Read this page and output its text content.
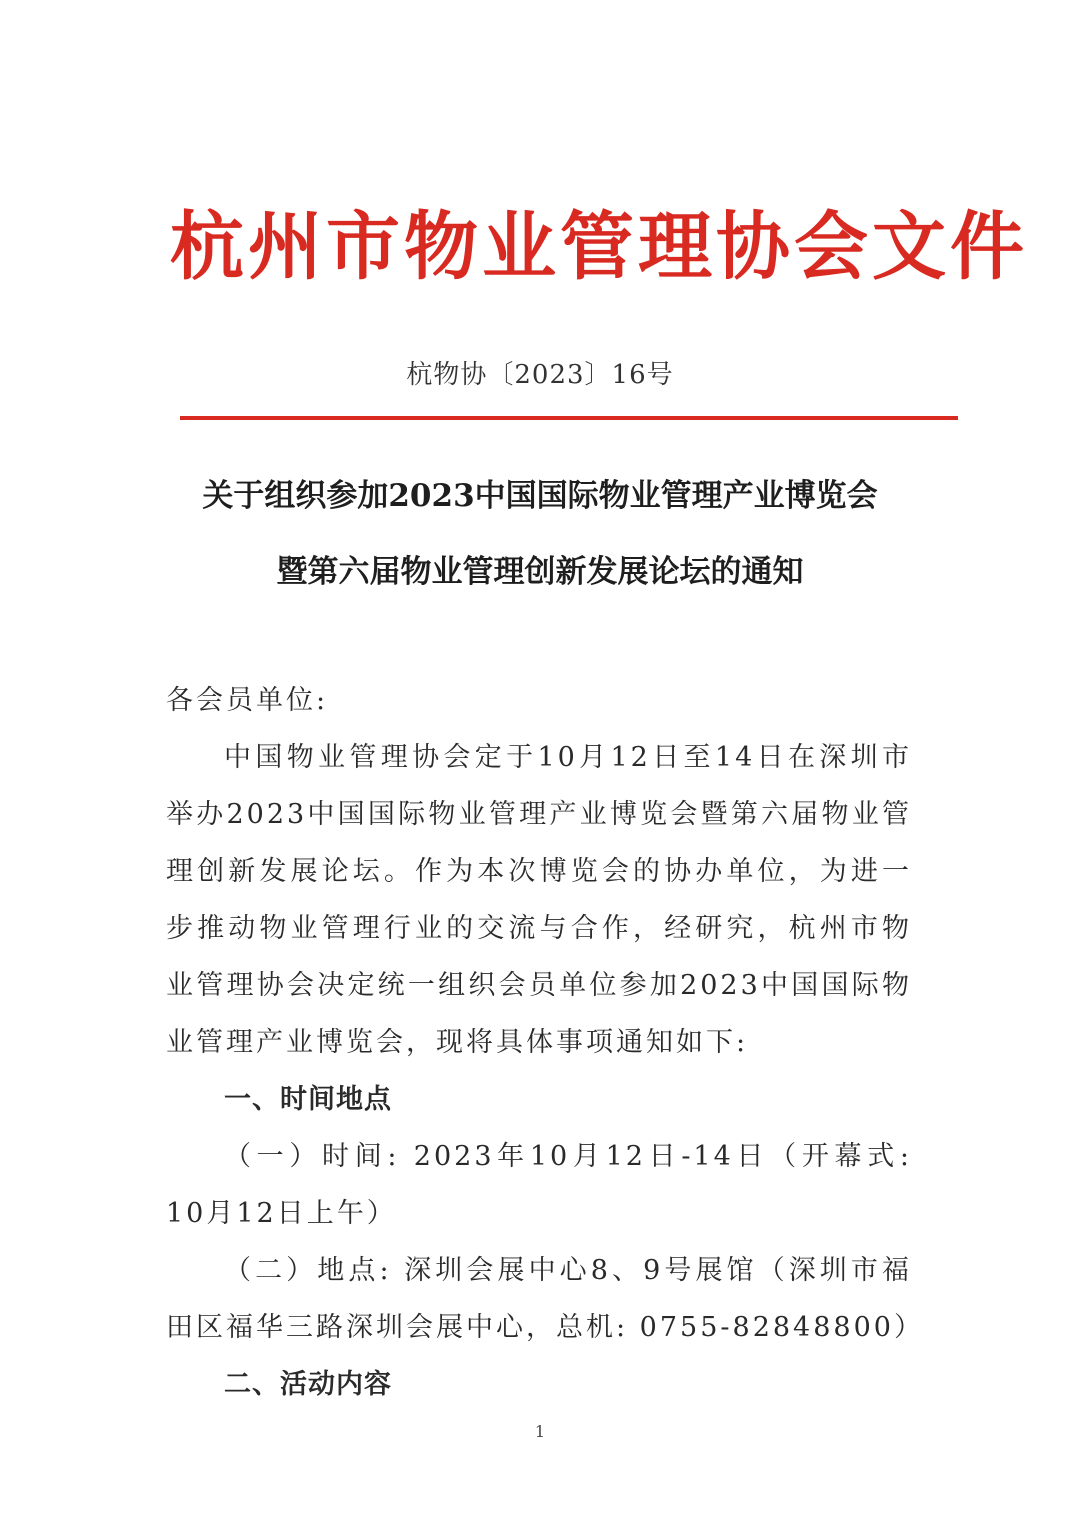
杭州市物业管理协会文件
杭物协〔2023〕16号
关于组织参加2023中国国际物业管理产业博览会
暨第六届物业管理创新发展论坛的通知

各会员单位:

中国物业管理协会定于10月12日至14日在深圳市举办2023中国国际物业管理产业博览会暨第六届物业管理创新发展论坛。作为本次博览会的协办单位，为进一步推动物业管理行业的交流与合作，经研究，杭州市物业管理协会决定统一组织会员单位参加2023中国国际物业管理产业博览会，现将具体事项通知如下:

一、时间地点

（一）时间: 2023年10月12日-14日（开幕式: 10月12日上午）

（二）地点: 深圳会展中心8、9号展馆（深圳市福田区福华三路深圳会展中心，总机: 0755-82848800）

二、活动内容

1
